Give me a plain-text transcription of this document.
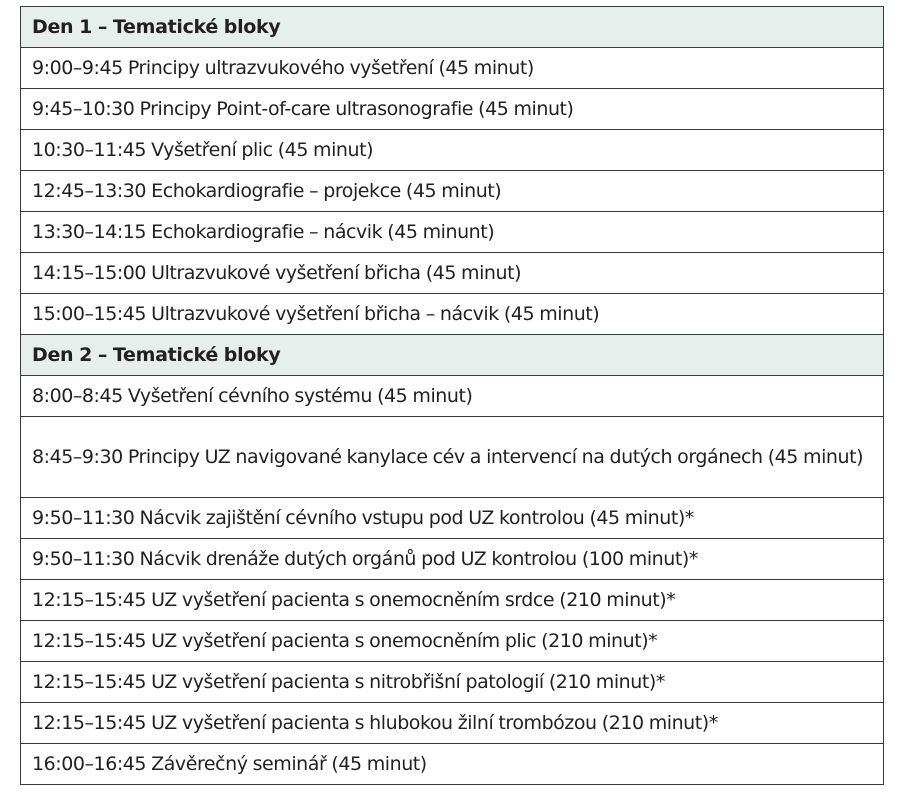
Den 1 – Tematické bloky
9:00–9:45 Principy ultrazvukového vyšetření (45 minut)
9:45–10:30 Principy Point-of-care ultrasonografie (45 minut)
10:30–11:45 Vyšetření plic (45 minut)
12:45–13:30 Echokardiografie – projekce (45 minut)
13:30–14:15 Echokardiografie – nácvik (45 minunt)
14:15–15:00 Ultrazvukové vyšetření břicha (45 minut)
15:00–15:45 Ultrazvukové vyšetření břicha – nácvik (45 minut)
Den 2 – Tematické bloky
8:00–8:45 Vyšetření cévního systému (45 minut)
8:45–9:30 Principy UZ navigované kanylace cév a intervencí na dutých orgánech (45 minut)
9:50–11:30 Nácvik zajištění cévního vstupu pod UZ kontrolou (45 minut)*
9:50–11:30 Nácvik drenáže dutých orgánů pod UZ kontrolou (100 minut)*
12:15–15:45 UZ vyšetření pacienta s onemocněním srdce (210 minut)*
12:15–15:45 UZ vyšetření pacienta s onemocněním plic (210 minut)*
12:15–15:45 UZ vyšetření pacienta s nitrobřišní patologií (210 minut)*
12:15–15:45 UZ vyšetření pacienta s hlubokou žilní trombózou (210 minut)*
16:00–16:45 Závěrečný seminář (45 minut)
